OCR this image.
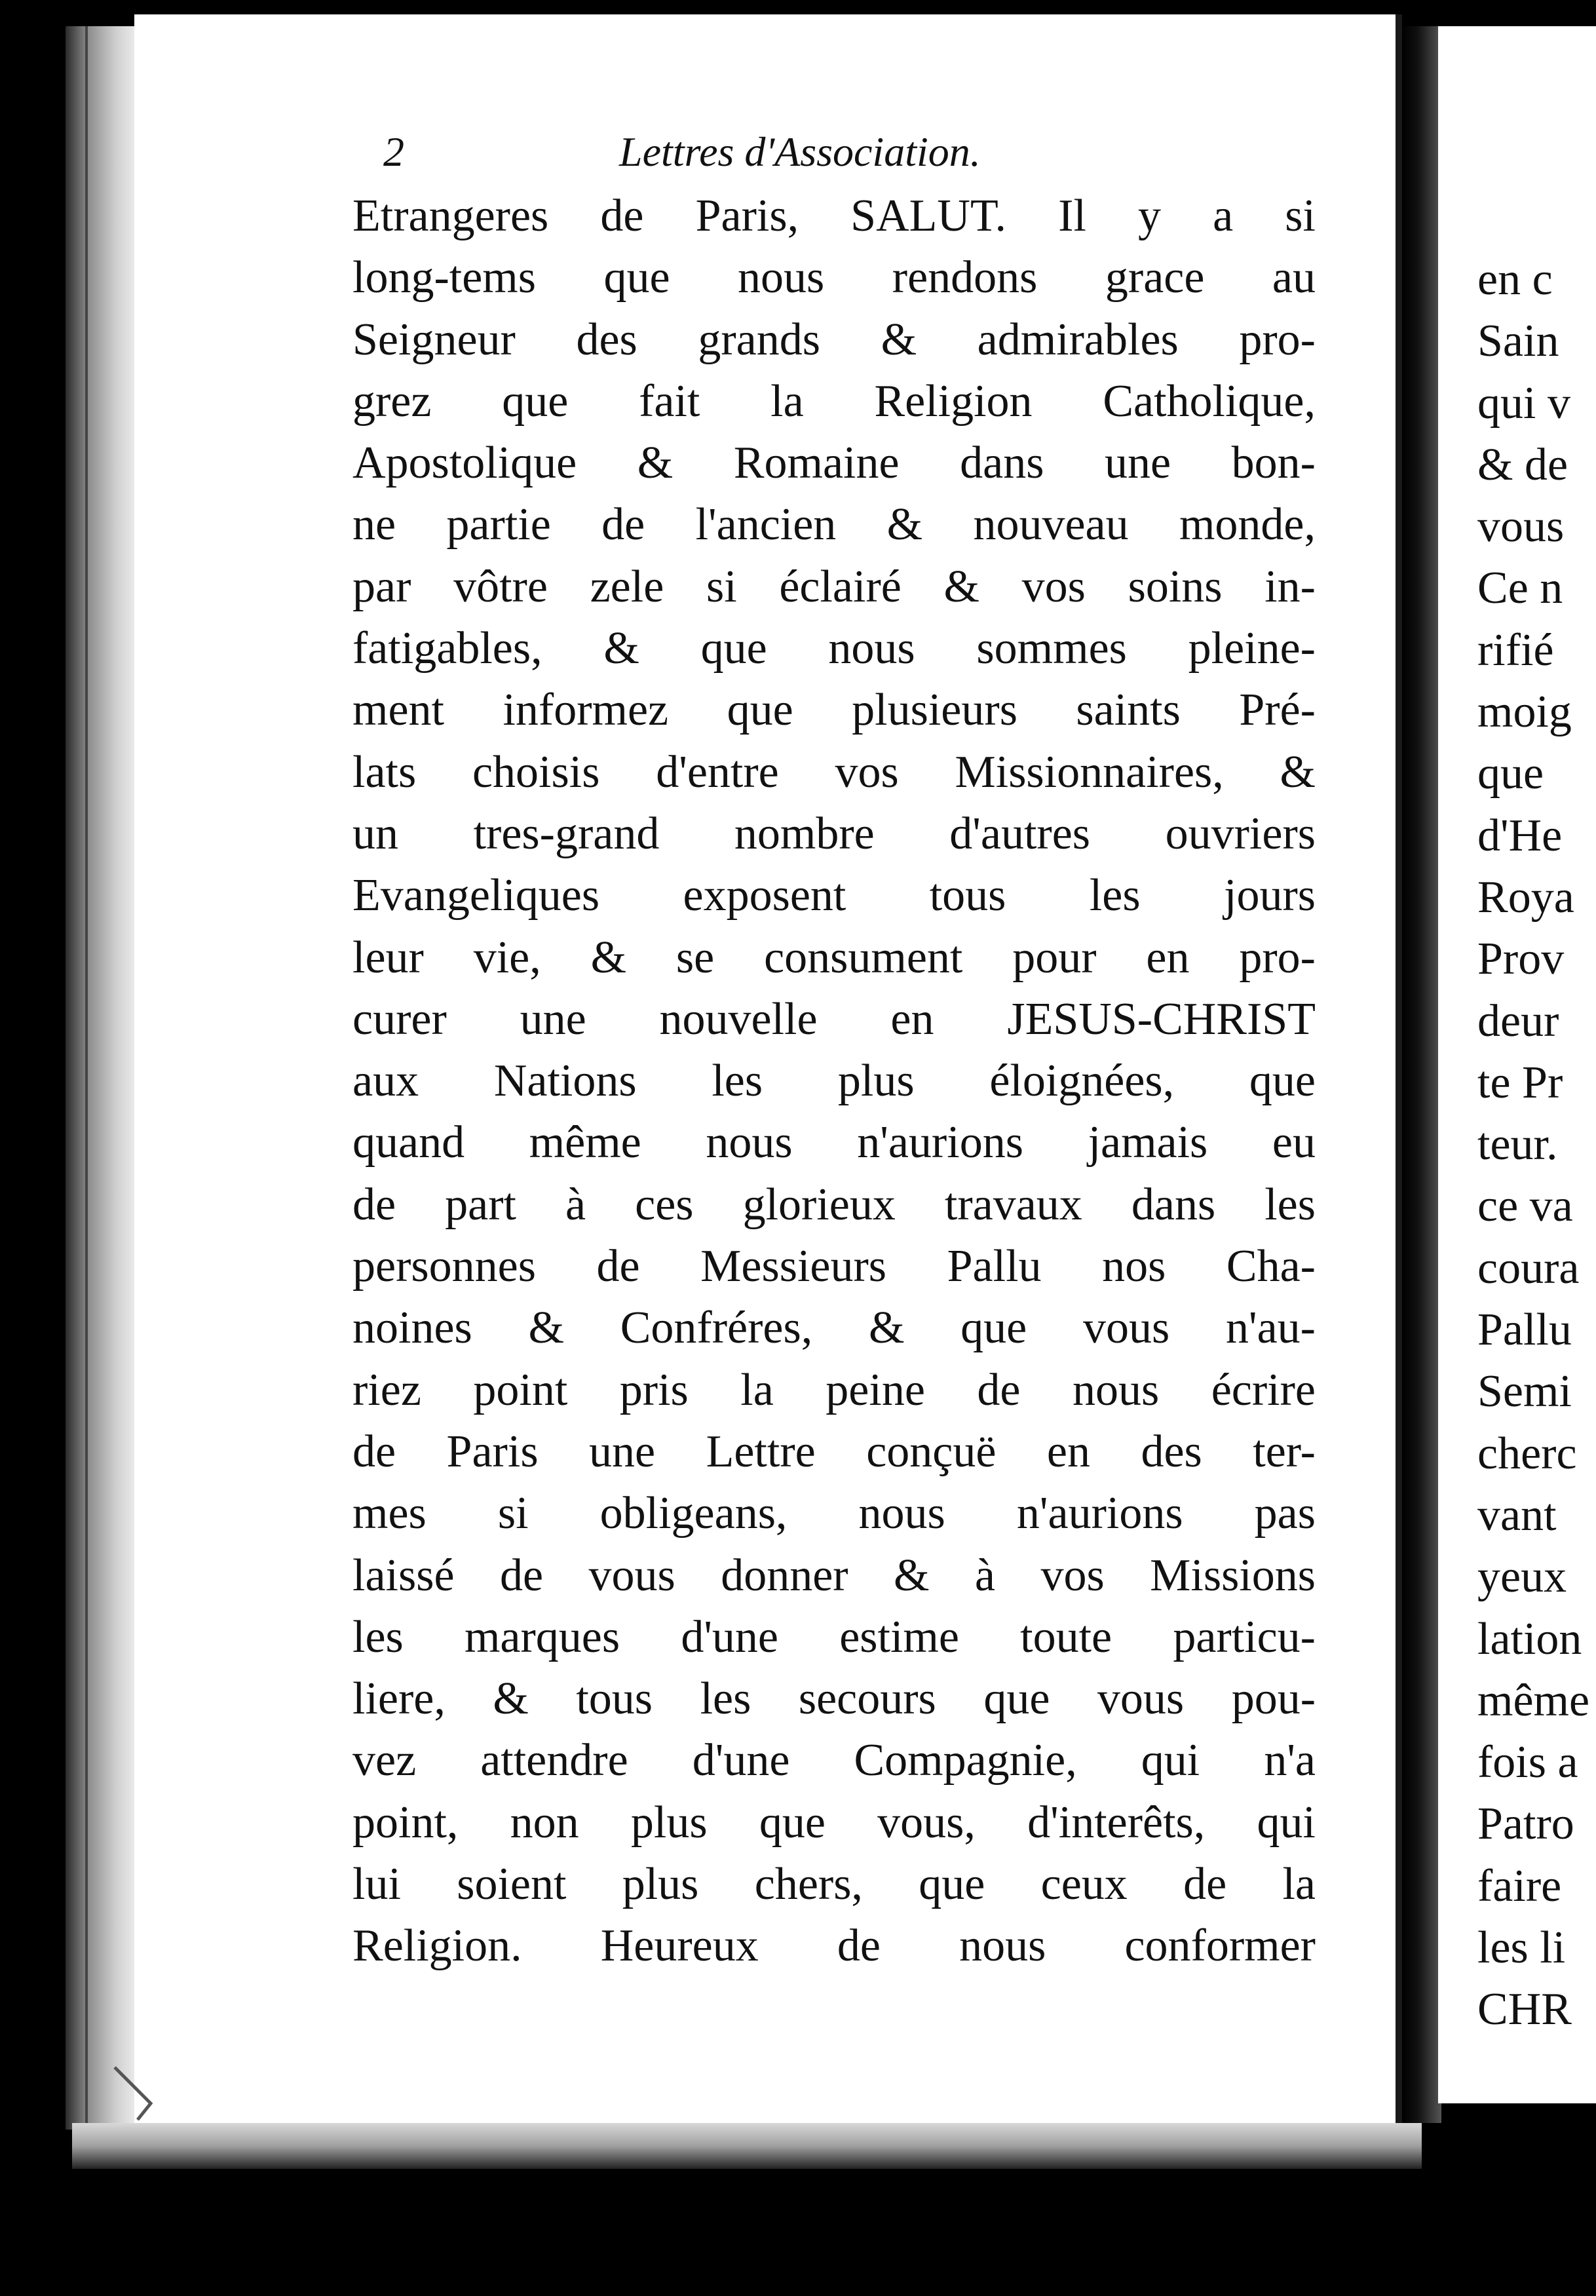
2	Lettres d'Association.
Etrangeres de Paris, SALUT. Il y a si
long-tems que nous rendons grace au
Seigneur des grands & admirables pro-
grez que fait la Religion Catholique,
Apostolique & Romaine dans une bon-
ne partie de l'ancien & nouveau monde,
par vôtre zele si éclairé & vos soins in-
fatigables, & que nous sommes pleine-
ment informez que plusieurs saints Pré-
lats choisis d'entre vos Missionnaires, &
un tres-grand nombre d'autres ouvriers
Evangeliques exposent tous les jours
leur vie, & se consument pour en pro-
curer une nouvelle en JESUS-CHRIST
aux Nations les plus éloignées, que
quand même nous n'aurions jamais eu
de part à ces glorieux travaux dans les
personnes de Messieurs Pallu nos Cha-
noines & Confréres, & que vous n'au-
riez point pris la peine de nous écrire
de Paris une Lettre conçuë en des ter-
mes si obligeans, nous n'aurions pas
laissé de vous donner & à vos Missions
les marques d'une estime toute particu-
liere, & tous les secours que vous pou-
vez attendre d'une Compagnie, qui n'a
point, non plus que vous, d'interêts, qui
lui soient plus chers, que ceux de la
Religion. Heureux de nous conformer
en c
Sain
qui v
& de
vous
Ce n
rifié
moig
que
d'He
Roya
Prov
deur
te Pr
teur.
ce va
coura
Pallu
Semi
cherc
vant
yeux
lation
même
fois a
Patro
faire
les li
CHR
